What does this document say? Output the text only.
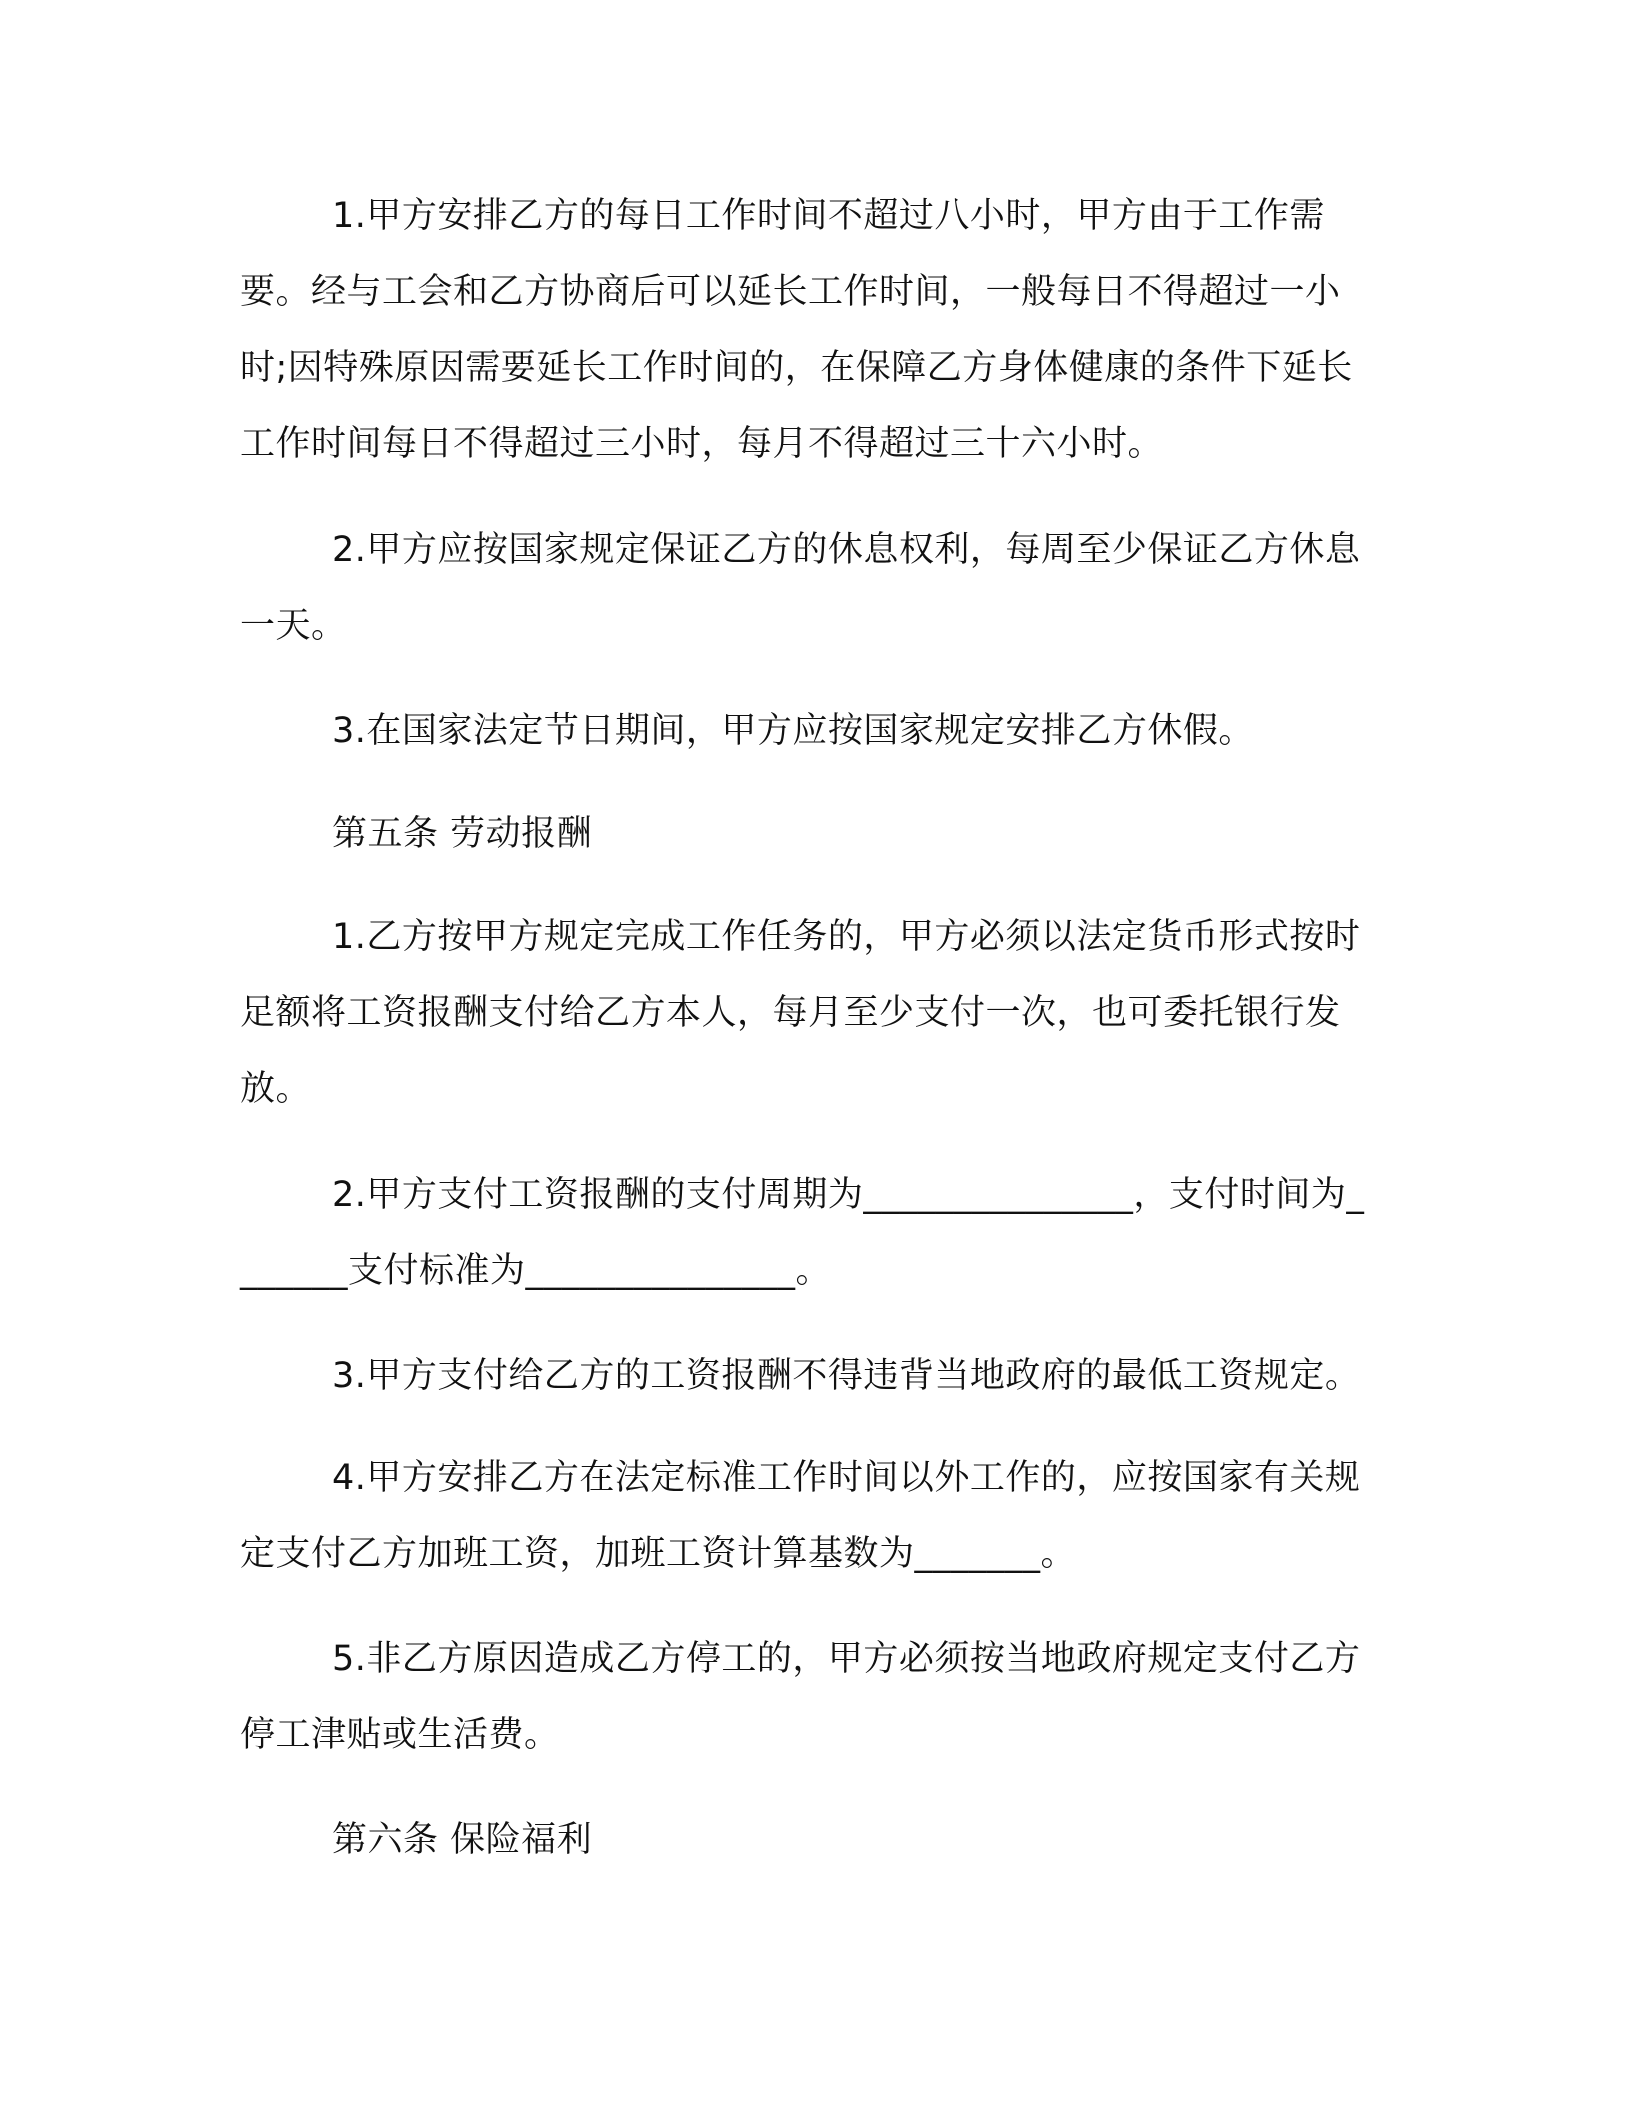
1.甲方安排乙方的每日工作时间不超过八小时，甲方由于工作需要。经与工会和乙方协商后可以延长工作时间，一般每日不得超过一小时;因特殊原因需要延长工作时间的，在保障乙方身体健康的条件下延长工作时间每日不得超过三小时，每月不得超过三十六小时。

2.甲方应按国家规定保证乙方的休息权利，每周至少保证乙方休息一天。

3.在国家法定节日期间，甲方应按国家规定安排乙方休假。

第五条 劳动报酬

1.乙方按甲方规定完成工作任务的，甲方必须以法定货币形式按时足额将工资报酬支付给乙方本人，每月至少支付一次，也可委托银行发放。

2.甲方支付工资报酬的支付周期为_______________，支付时间为_______支付标准为_______________。

3.甲方支付给乙方的工资报酬不得违背当地政府的最低工资规定。

4.甲方安排乙方在法定标准工作时间以外工作的，应按国家有关规定支付乙方加班工资，加班工资计算基数为_______。

5.非乙方原因造成乙方停工的，甲方必须按当地政府规定支付乙方停工津贴或生活费。

第六条 保险福利
